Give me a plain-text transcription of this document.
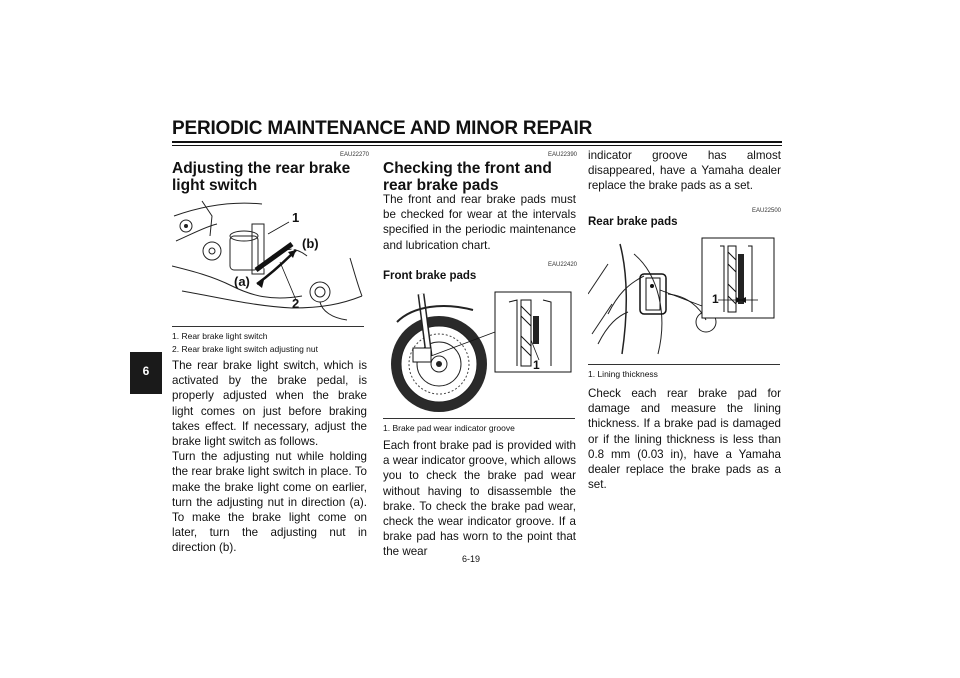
PERIODIC MAINTENANCE AND MINOR REPAIR
6
EAU22270
Adjusting the rear brake light switch
1
(b)
(a)
2
1. Rear brake light switch
2. Rear brake light switch adjusting nut
The rear brake light switch, which is activated by the brake pedal, is properly adjusted when the brake light comes on just before braking takes effect. If necessary, adjust the brake light switch as follows.
Turn the adjusting nut while holding the rear brake light switch in place. To make the brake light come on earlier, turn the adjusting nut in direction (a). To make the brake light come on later, turn the adjusting nut in direction (b).
EAU22390
Checking the front and rear brake pads
The front and rear brake pads must be checked for wear at the intervals specified in the periodic maintenance and lubrication chart.
EAU22420
Front brake pads
1
1. Brake pad wear indicator groove
Each front brake pad is provided with a wear indicator groove, which allows you to check the brake pad wear without having to disassemble the brake. To check the brake pad wear, check the wear indicator groove. If a brake pad has worn to the point that the wear
indicator groove has almost disappeared, have a Yamaha dealer replace the brake pads as a set.
EAU22500
Rear brake pads
1
1. Lining thickness
Check each rear brake pad for damage and measure the lining thickness. If a brake pad is damaged or if the lining thickness is less than 0.8 mm (0.03 in), have a Yamaha dealer replace the brake pads as a set.
6-19
